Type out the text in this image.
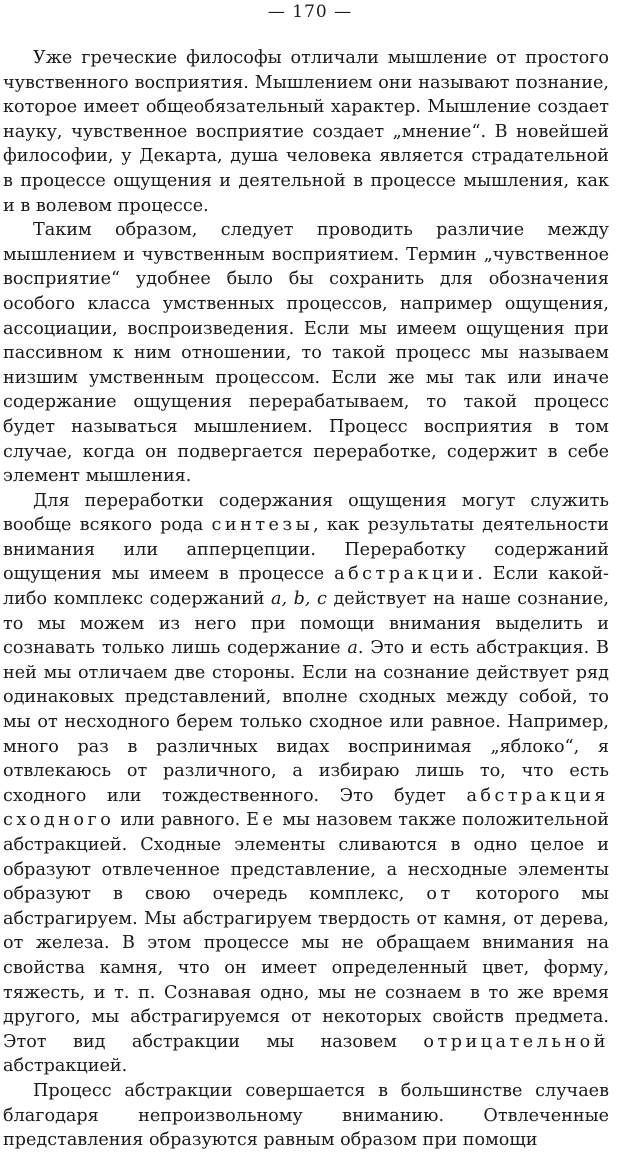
— 170 —

Уже греческие философы отличали мышление от простого чувственного восприятия. Мышлением они называют познание, которое имеет общеобязательный характер. Мышление создает науку, чувственное восприятие создает „мнение“. В новейшей философии, у Декарта, душа человека является страдательной в процессе ощущения и деятельной в процессе мышления, как и в волевом процессе.

Таким образом, следует проводить различие между мышлением и чувственным восприятием. Термин „чувственное восприятие“ удобнее было бы сохранить для обозначения особого класса умственных процессов, например ощущения, ассоциации, воспроизведения. Если мы имеем ощущения при пассивном к ним отношении, то такой процесс мы называем низшим умственным процессом. Если же мы так или иначе содержание ощущения перерабатываем, то такой процесс будет называться мышлением. Процесс восприятия в том случае, когда он подвергается переработке, содержит в себе элемент мышления.

Для переработки содержания ощущения могут служить вообще всякого рода синтезы, как результаты деятельности внимания или апперцепции. Переработку содержаний ощущения мы имеем в процессе абстракции. Если какой-либо комплекс содержаний a, b, c действует на наше сознание, то мы можем из него при помощи внимания выделить и сознавать только лишь содержание a. Это и есть абстракция. В ней мы отличаем две стороны. Если на сознание действует ряд одинаковых представлений, вполне сходных между собой, то мы от несходного берем только сходное или равное. Например, много раз в различных видах воспринимая „яблоко“, я отвлекаюсь от различного, а избираю лишь то, что есть сходного или тождественного. Это будет абстракция сходного или равного. Ее мы назовем также положительной абстракцией. Сходные элементы сливаются в одно целое и образуют отвлеченное представление, а несходные элементы образуют в свою очередь комплекс, от которого мы абстрагируем. Мы абстрагируем твердость от камня, от дерева, от железа. В этом процессе мы не обращаем внимания на свойства камня, что он имеет определенный цвет, форму, тяжесть, и т. п. Сознавая одно, мы не сознаем в то же время другого, мы абстрагируемся от некоторых свойств предмета. Этот вид абстракции мы назовем отрицательной абстракцией.

Процесс абстракции совершается в большинстве случаев благодаря непроизвольному вниманию. Отвлеченные представления образуются равным образом при помощи
